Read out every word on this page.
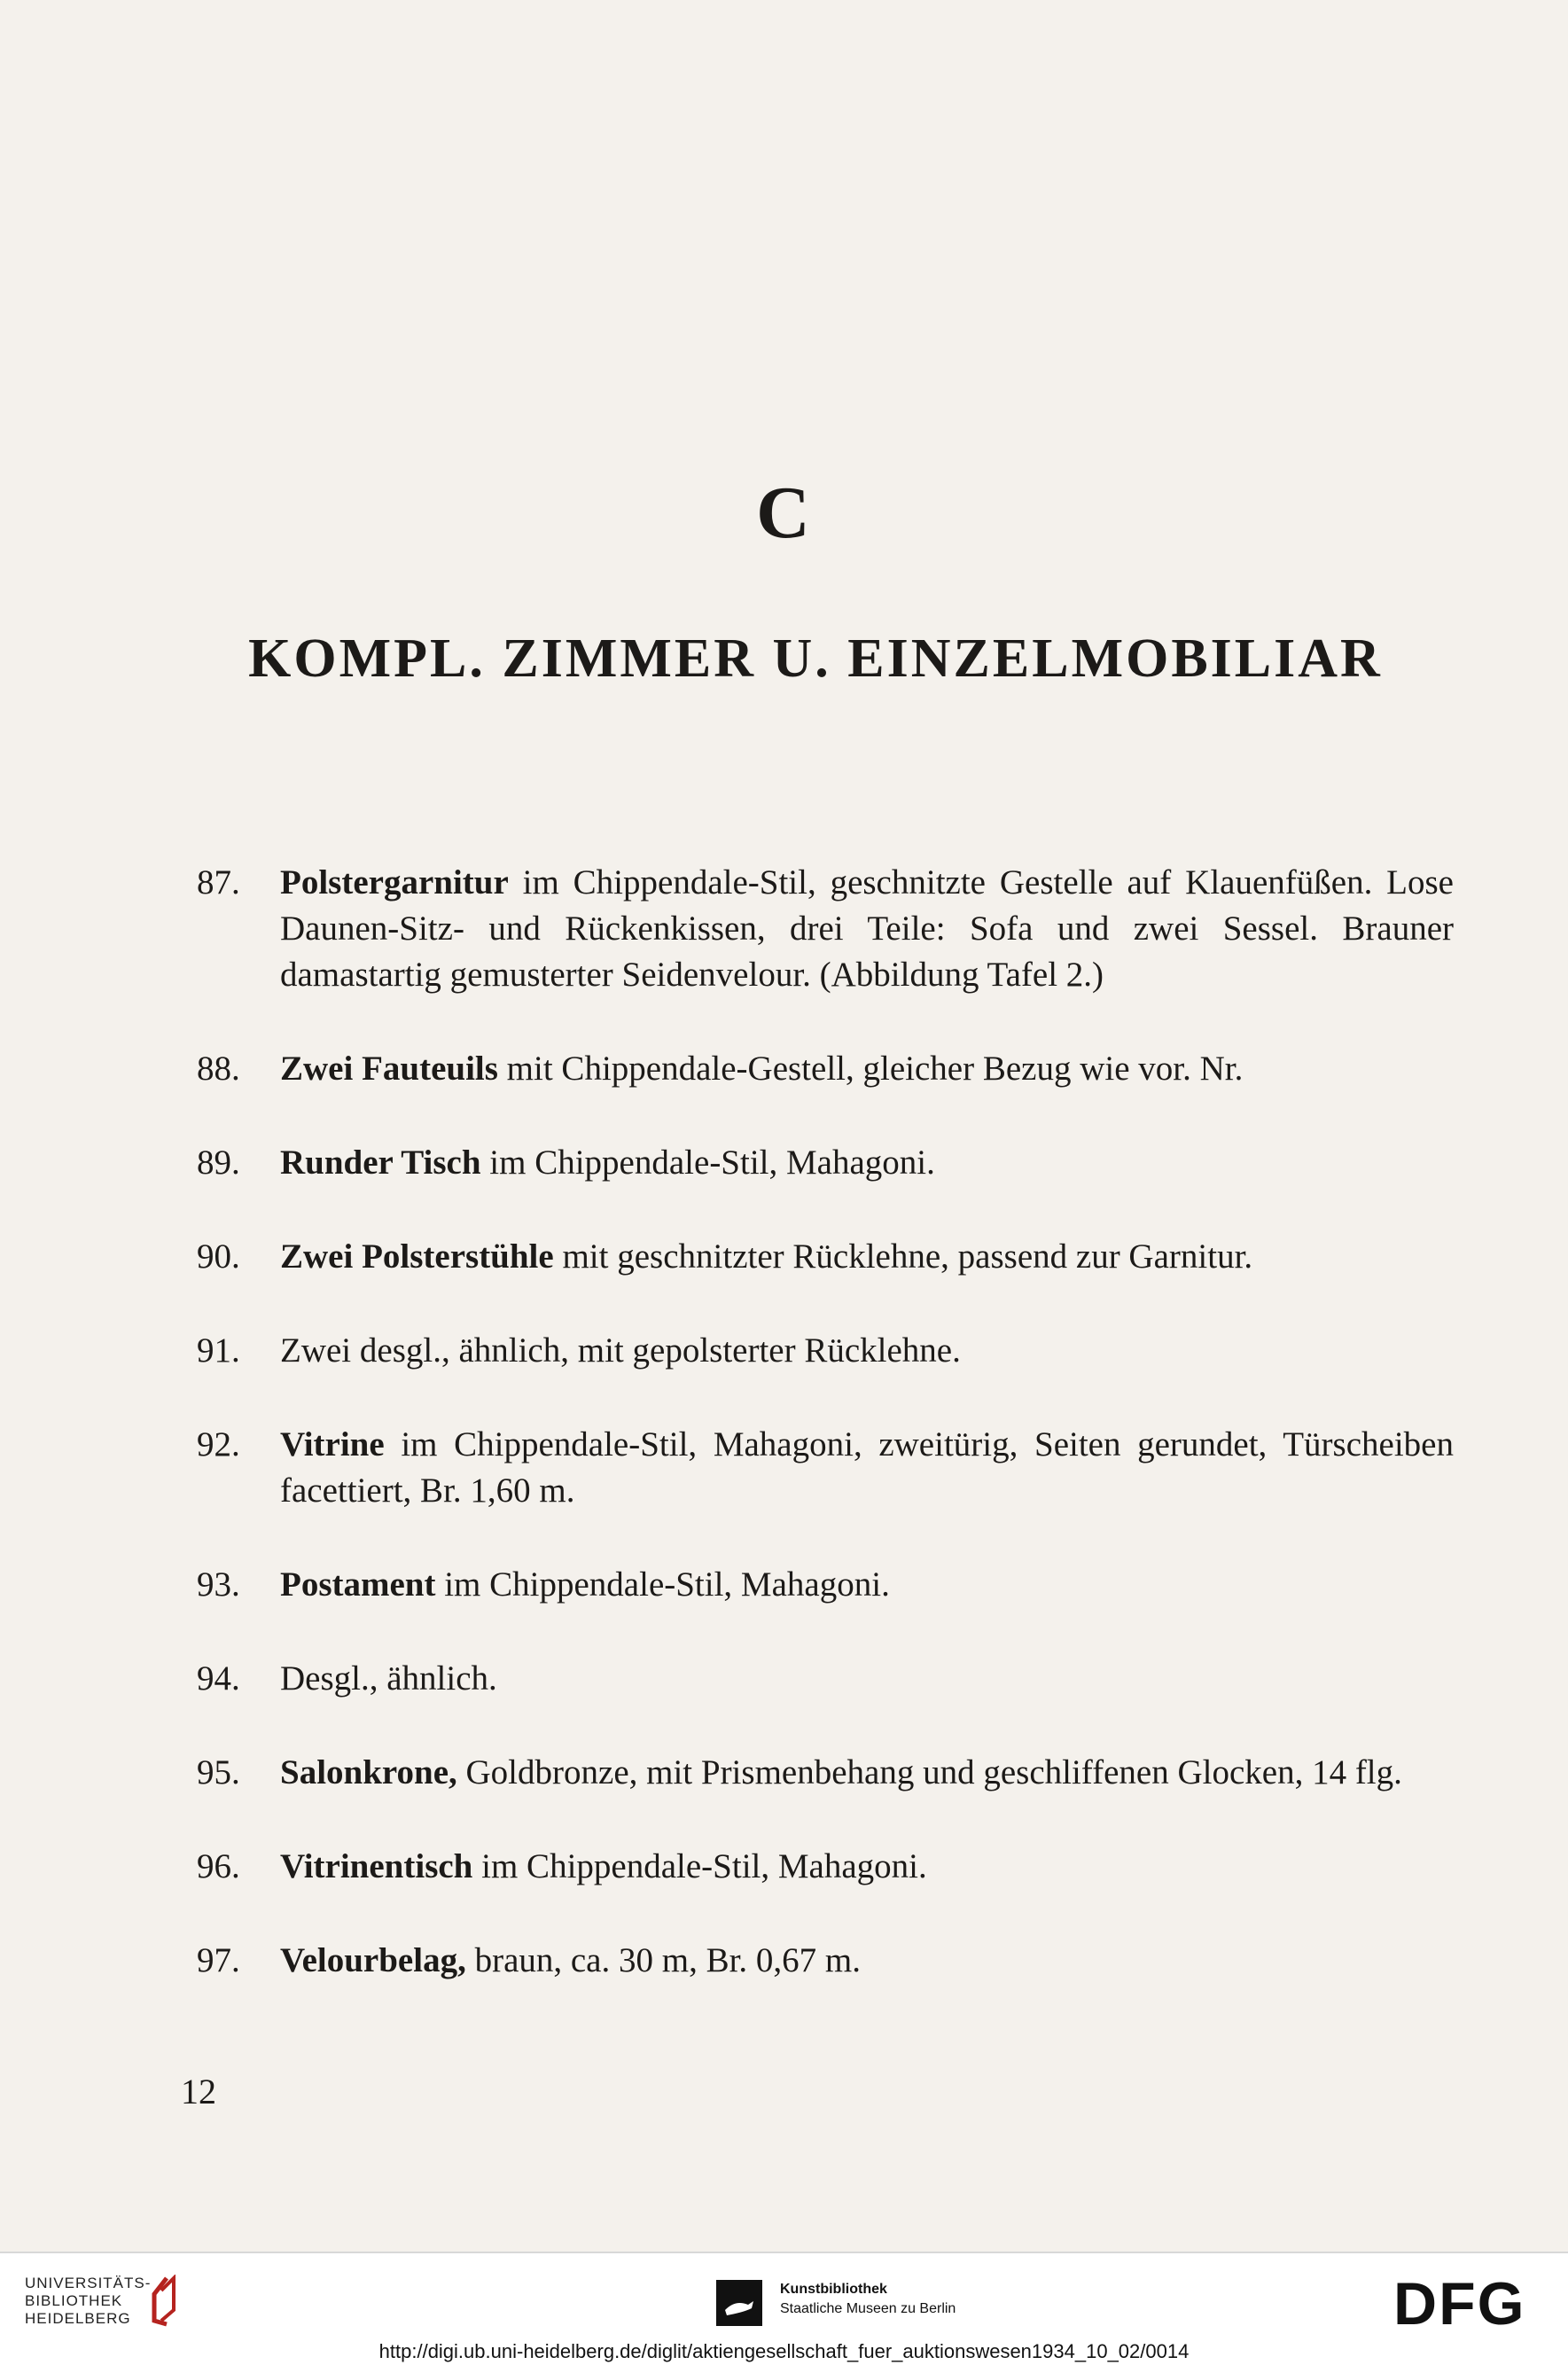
C
KOMPL. ZIMMER U. EINZELMOBILIAR
87.	Polstergarnitur im Chippendale-Stil, geschnitzte Gestelle auf Klauenfüßen. Lose Daunen-Sitz- und Rückenkissen, drei Teile: Sofa und zwei Sessel. Brauner damastartig gemusterter Seidenvelour. (Abbildung Tafel 2.)
88.	Zwei Fauteuils mit Chippendale-Gestell, gleicher Bezug wie vor. Nr.
89.	Runder Tisch im Chippendale-Stil, Mahagoni.
90.	Zwei Polsterstühle mit geschnitzter Rücklehne, passend zur Garnitur.
91.	Zwei desgl., ähnlich, mit gepolsterter Rücklehne.
92.	Vitrine im Chippendale-Stil, Mahagoni, zweitürig, Seiten gerundet, Türscheiben facettiert, Br. 1,60 m.
93.	Postament im Chippendale-Stil, Mahagoni.
94.	Desgl., ähnlich.
95.	Salonkrone, Goldbronze, mit Prismenbehang und geschliffenen Glocken, 14 flg.
96.	Vitrinentisch im Chippendale-Stil, Mahagoni.
97.	Velourbelag, braun, ca. 30 m, Br. 0,67 m.
12
UNIVERSITÄTS-
BIBLIOTHEK
HEIDELBERG
Kunstbibliothek
Staatliche Museen zu Berlin	DFG
http://digi.ub.uni-heidelberg.de/diglit/aktiengesellschaft_fuer_auktionswesen1934_10_02/0014
